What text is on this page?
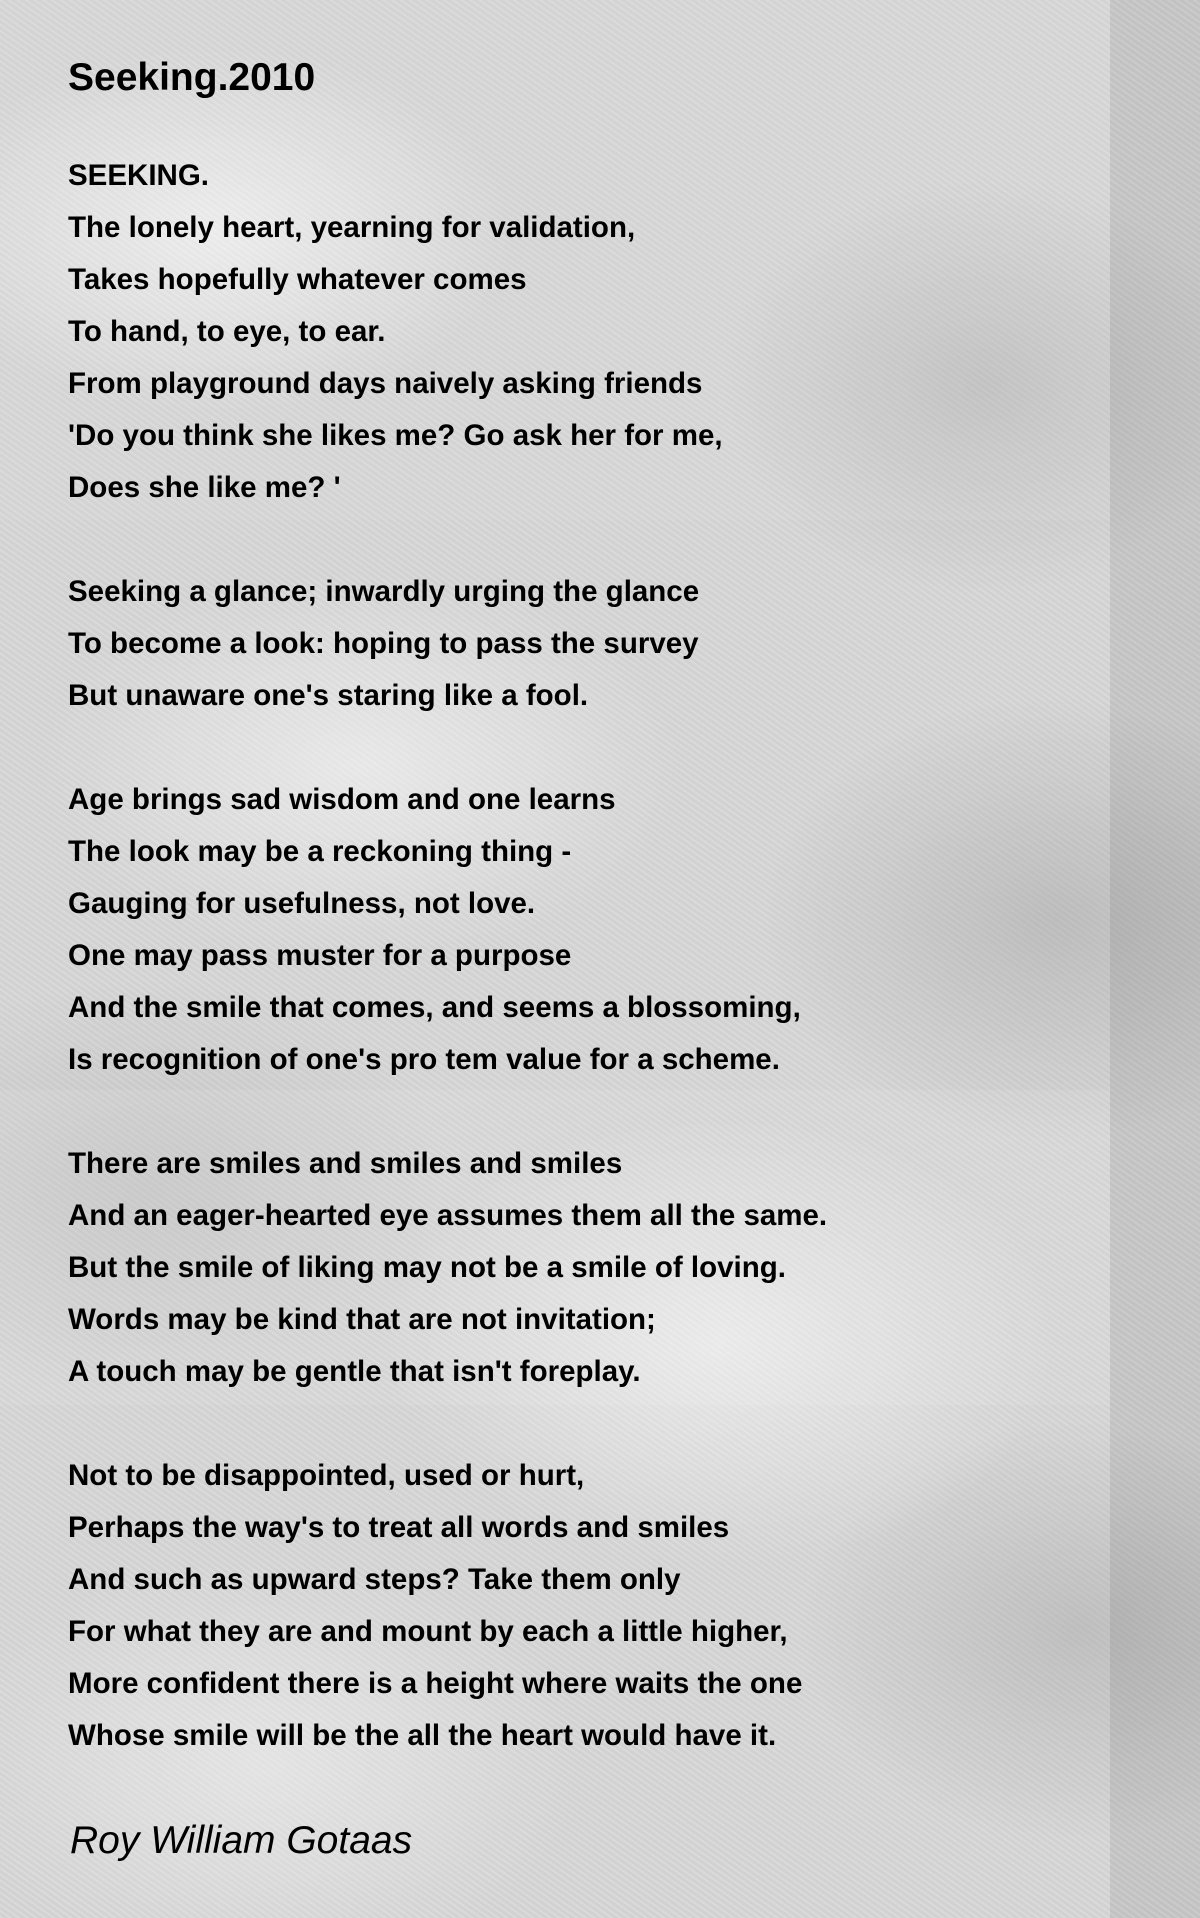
Seeking.2010

SEEKING.
The lonely heart, yearning for validation,
Takes hopefully whatever comes
To hand, to eye, to ear.
From playground days naively asking friends
'Do you think she likes me? Go ask her for me,
Does she like me? '

Seeking a glance; inwardly urging the glance
To become a look: hoping to pass the survey
But unaware one's staring like a fool.

Age brings sad wisdom and one learns
The look may be a reckoning thing -
Gauging for usefulness, not love.
One may pass muster for a purpose
And the smile that comes, and seems a blossoming,
Is recognition of one's pro tem value for a scheme.

There are smiles and smiles and smiles
And an eager-hearted eye assumes them all the same.
But the smile of liking may not be a smile of loving.
Words may be kind that are not invitation;
A touch may be gentle that isn't foreplay.

Not to be disappointed, used or hurt,
Perhaps the way's to treat all words and smiles
And such as upward steps? Take them only
For what they are and mount by each a little higher,
More confident there is a height where waits the one
Whose smile will be the all the heart would have it.

Roy William Gotaas
